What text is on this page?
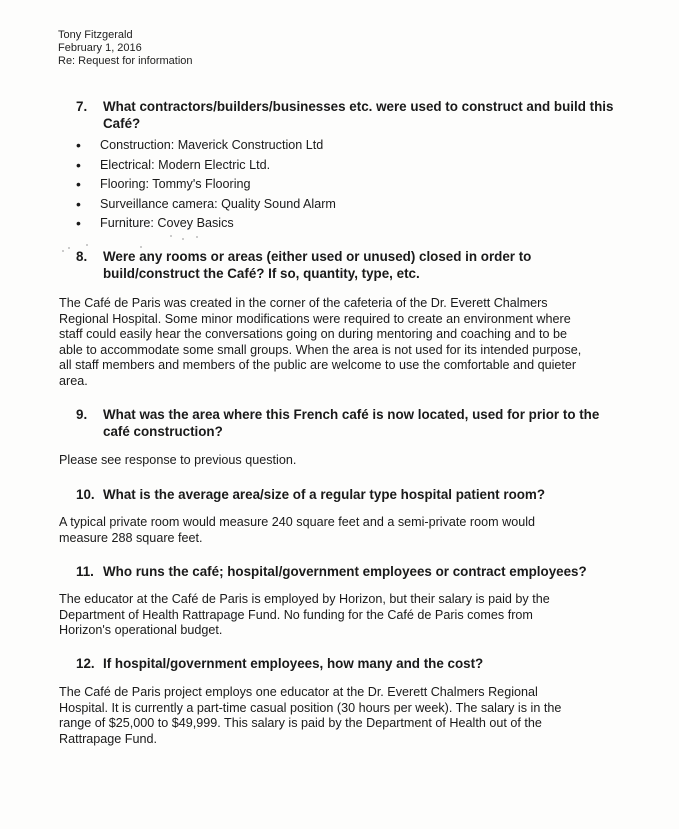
Tony Fitzgerald
February 1, 2016
Re: Request for information
7. What contractors/builders/businesses etc. were used to construct and build this
Café?
• Construction: Maverick Construction Ltd
• Electrical: Modern Electric Ltd.
• Flooring: Tommy's Flooring
• Surveillance camera: Quality Sound Alarm
• Furniture: Covey Basics
8. Were any rooms or areas (either used or unused) closed in order to
build/construct the Café? If so, quantity, type, etc.
The Café de Paris was created in the corner of the cafeteria of the Dr. Everett Chalmers
Regional Hospital. Some minor modifications were required to create an environment where
staff could easily hear the conversations going on during mentoring and coaching and to be
able to accommodate some small groups. When the area is not used for its intended purpose,
all staff members and members of the public are welcome to use the comfortable and quieter
area.
9. What was the area where this French café is now located, used for prior to the
café construction?
Please see response to previous question.
10. What is the average area/size of a regular type hospital patient room?
A typical private room would measure 240 square feet and a semi-private room would
measure 288 square feet.
11. Who runs the café; hospital/government employees or contract employees?
The educator at the Café de Paris is employed by Horizon, but their salary is paid by the
Department of Health Rattrapage Fund. No funding for the Café de Paris comes from
Horizon's operational budget.
12. If hospital/government employees, how many and the cost?
The Café de Paris project employs one educator at the Dr. Everett Chalmers Regional
Hospital. It is currently a part-time casual position (30 hours per week). The salary is in the
range of $25,000 to $49,999. This salary is paid by the Department of Health out of the
Rattrapage Fund.
